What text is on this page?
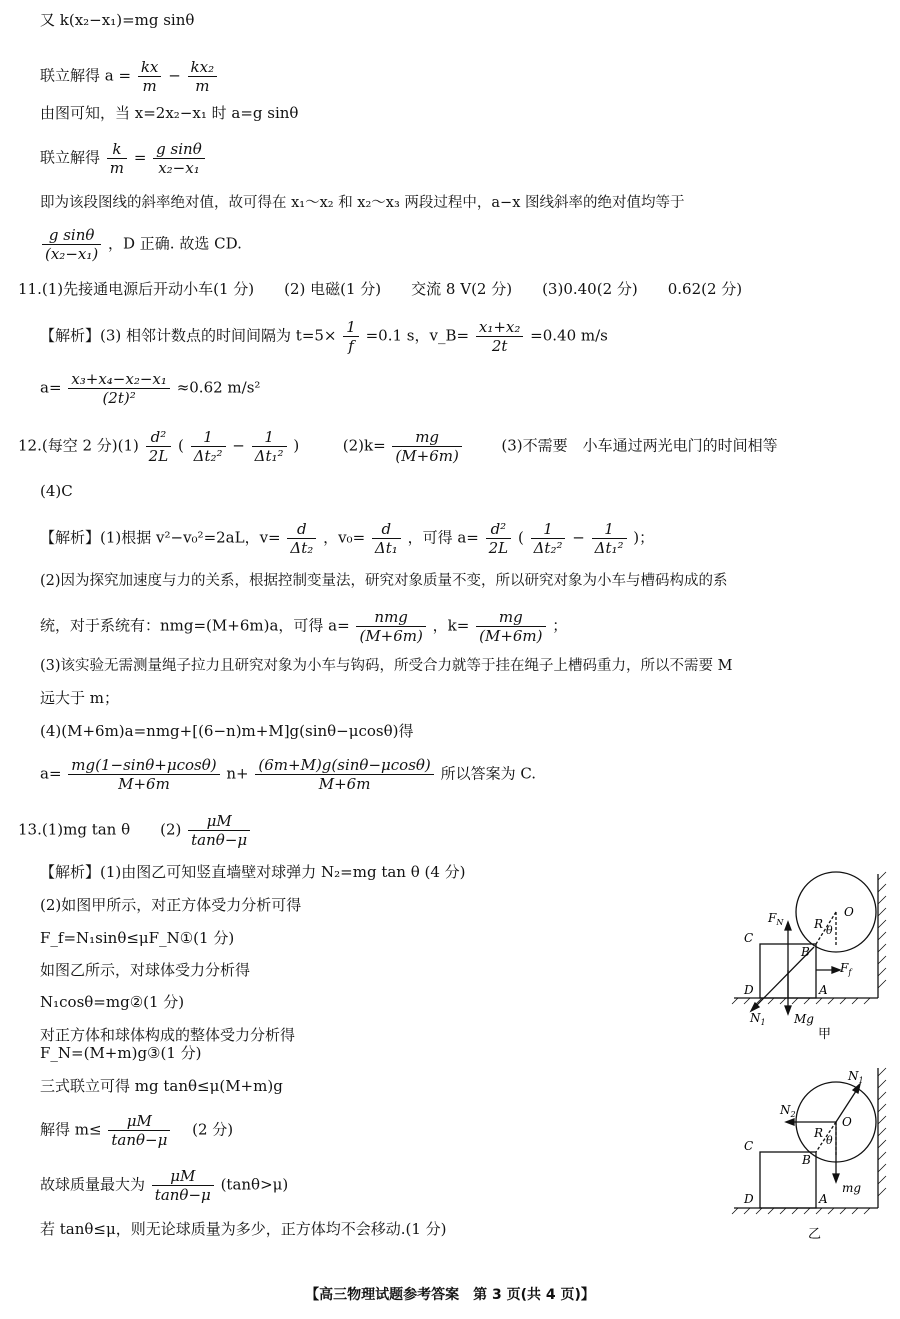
又 k(x₂−x₁)=mg sinθ
联立解得 $a = \frac{kx}{m} - \frac{\text{kx₂}}{m}$
由图可知，当 x=2x₂−x₁ 时 a=g sinθ
联立解得 $\frac{k}{m} = \frac{\text{g sinθ}}{\text{x₂−x₁}}$
即为该段图线的斜率绝对值，故可得在 x₁～x₂ 和 x₂～x₃ 两段过程中，a−x 图线斜率的绝对值均等于
$\frac{\text{g sinθ}}{\text{(x₂−x₁)}}$ ，D 正确. 故选 CD.
11.(1)先接通电源后开动小车(1 分)　　(2) 电磁(1 分)　　交流 8 V(2 分)　　(3)0.40(2 分)　　0.62(2 分)
【解析】(3) 相邻计数点的时间间隔为 $t=5\times \frac{1}{f} =0.1$ s，v_B= $\frac{\text{x₁+x₂}}{2t} =0.40$ m/s
$a= \frac{\text{x₃+x₄−x₂−x₁}}{\text{(2t)²}} \approx 0.62$ m/s²
12.(每空 2 分)$(1) \frac{\text{d²}}{2L}$ ( $\frac{1}{\text{Δt₂²}} - \frac{1}{\text{Δt₁²}}$ )	$(2)k= \frac{mg}{(M+6m)}$	(3)不需要　小车通过两光电门的时间相等
(4)C
【解析】(1)根据 v²−v₀²=2aL，$v= \frac{d}{\text{Δt₂}}$ ，$v_0= \frac{d}{\text{Δt₁}}$ ，可得 $a= \frac{\text{d²}}{2L}$ ( $\frac{1}{\text{Δt₂²}} - \frac{1}{\text{Δt₁²}}$ )；
(2)因为探究加速度与力的关系，根据控制变量法，研究对象质量不变，所以研究对象为小车与槽码构成的系
统，对于系统有：nmg=(M+6m)a，可得 $a= \frac{\text{nmg}}{(M+6m)}$ ，$k= \frac{mg}{(M+6m)}$ ；
(3)该实验无需测量绳子拉力且研究对象为小车与钩码，所受合力就等于挂在绳子上槽码重力，所以不需要 M
远大于 m；
(4)(M+6m)a=nmg+[(6−n)m+M]g(sinθ−μcosθ)得
$a= \frac{mg(1-\sin\theta+\mu\cos\theta)}{M+6m} n+ \frac{(6m+M)g(\sin\theta-\mu\cos\theta)}{M+6m}$ 所以答案为 C.
13.(1)mg tan θ　　$(2) \frac{\mu M}{\tan\theta-\mu}$
【解析】(1)由图乙可知竖直墙壁对球弹力 N₂=mg tan θ (4 分)
(2)如图甲所示，对正方体受力分析可得
F_f=N₁sinθ≤μF_N①(1 分)
如图乙所示，对球体受力分析得
N₁cosθ=mg②(1 分)
对正方体和球体构成的整体受力分析得
F_N=(M+m)g③(1 分)
三式联立可得 mg tanθ≤μ(M+m)g
解得 $m\le \frac{\mu M}{\tan\theta-\mu}$ 　(2 分)
故球质量最大为 $\frac{\mu M}{\tan\theta-\mu} (\tan\theta>\mu)$
若 tanθ≤μ，则无论球质量为多少，正方体均不会移动.(1 分)
$F_N$	R θ
O
C
B
$F_f$
D	A
$N_1$ Mg
甲
$N_1$
$N_2$
R
θ
O
C
B
mg
D	A
乙
【高三物理试题参考答案　第 3 页(共 4 页)】
